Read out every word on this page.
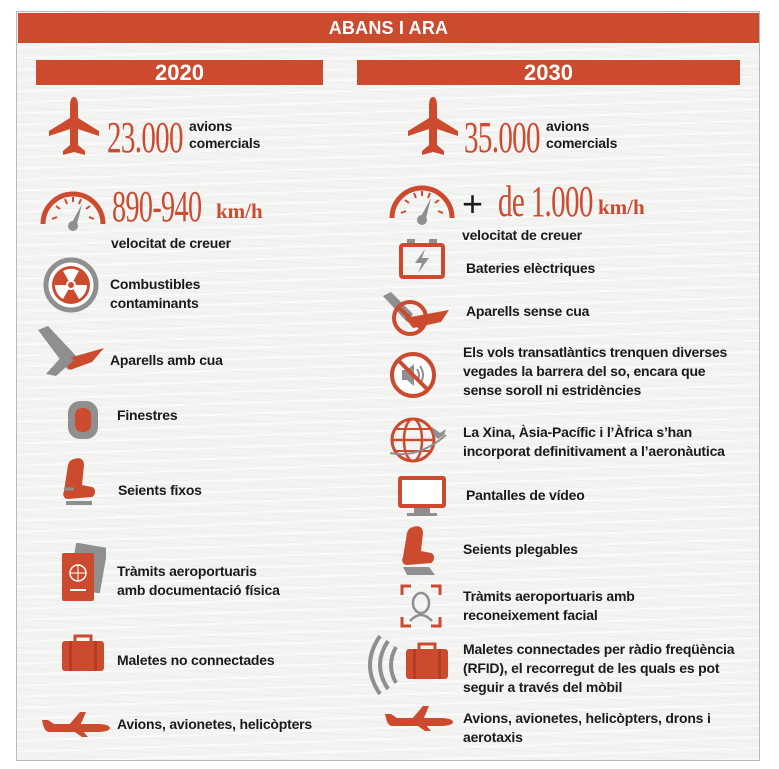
ABANS I ARA
2020	2030
23.000 avions
comercials
890-940 km/h
velocitat de creuer
Combustibles
contaminants
Aparells amb cua
Finestres
Seients fixos
Tràmits aeroportuaris
amb documentació física
Maletes no connectades
Avions, avionetes, helicòpters
35.000 avions
comercials
+ de 1.000 km/h
velocitat de creuer
Bateries elèctriques
Aparells sense cua
Els vols transatlàntics trenquen diverses
vegades la barrera del so, encara que
sense soroll ni estridències
La Xina, Àsia-Pacífic i l’Àfrica s’han
incorporat definitivament a l’aeronàutica
Pantalles de vídeo
Seients plegables
Tràmits aeroportuaris amb
reconeixement facial
Maletes connectades per ràdio freqüència
(RFID), el recorregut de les quals es pot
seguir a través del mòbil
Avions, avionetes, helicòpters, drons i
aerotaxis
